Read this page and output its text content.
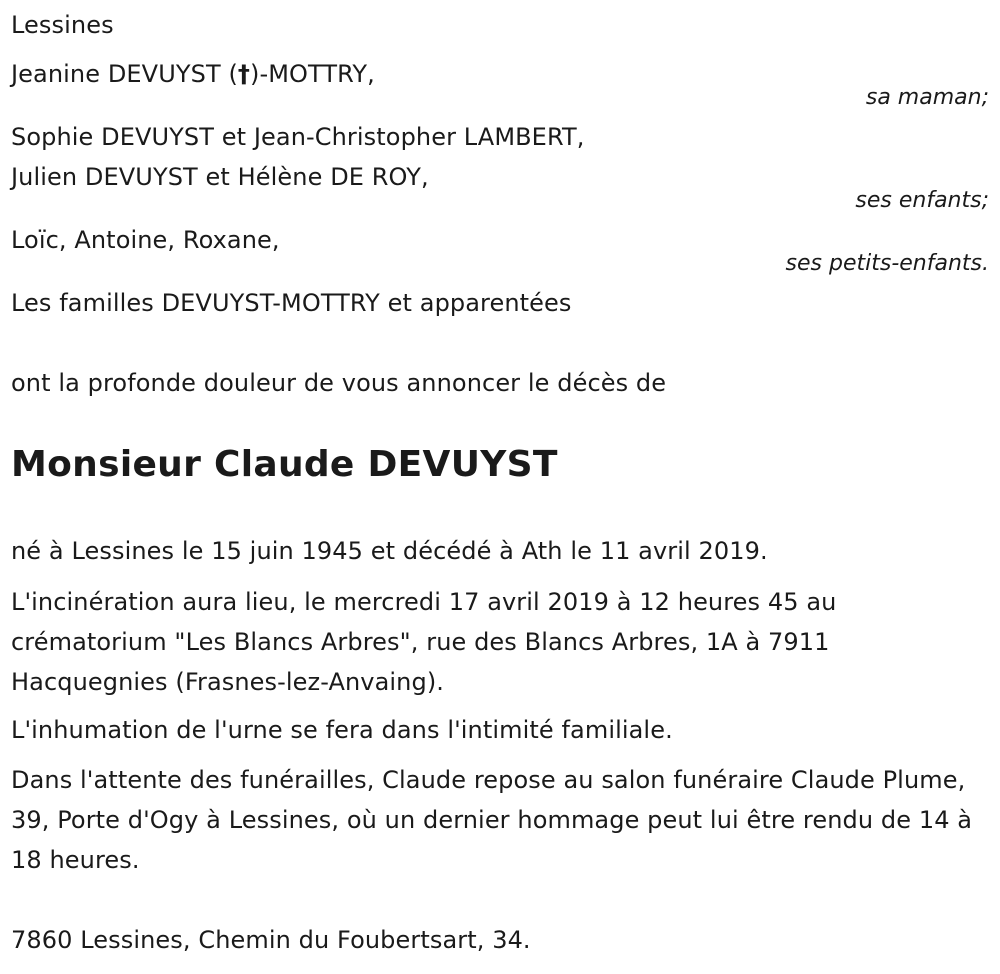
Lessines
Jeanine DEVUYST (†)-MOTTRY,
sa maman;
Sophie DEVUYST et Jean-Christopher LAMBERT,
Julien DEVUYST et Hélène DE ROY,
ses enfants;
Loïc, Antoine, Roxane,
ses petits-enfants.
Les familles DEVUYST-MOTTRY et apparentées
ont la profonde douleur de vous annoncer le décès de
Monsieur Claude DEVUYST
né à Lessines le 15 juin 1945 et décédé à Ath le 11 avril 2019.
L'incinération aura lieu, le mercredi 17 avril 2019 à 12 heures 45 au crématorium "Les Blancs Arbres", rue des Blancs Arbres, 1A à 7911 Hacquegnies (Frasnes-lez-Anvaing).
L'inhumation de l'urne se fera dans l'intimité familiale.
Dans l'attente des funérailles, Claude repose au salon funéraire Claude Plume, 39, Porte d'Ogy à Lessines, où un dernier hommage peut lui être rendu de 14 à 18 heures.
7860 Lessines, Chemin du Foubertsart, 34.
